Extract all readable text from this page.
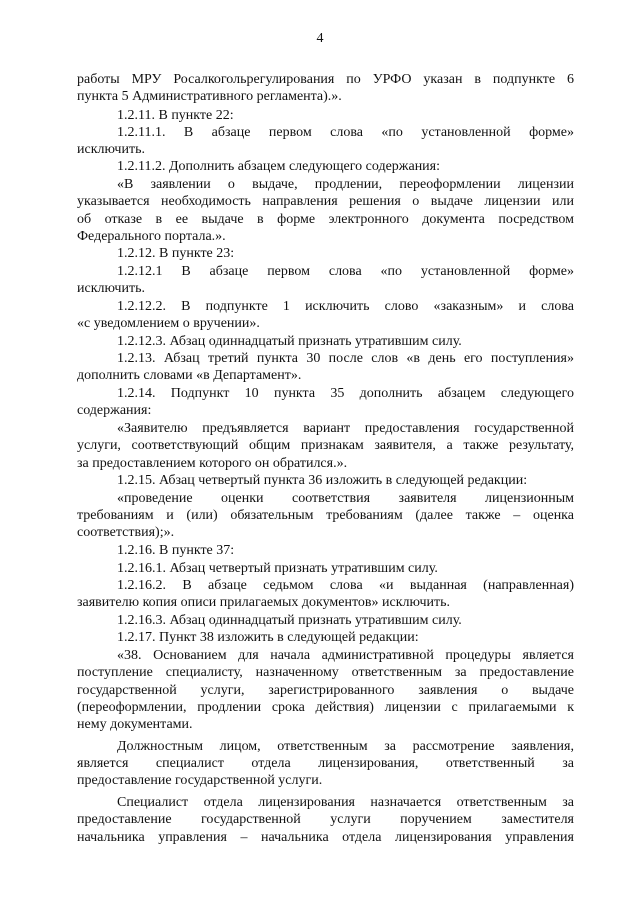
4
работы МРУ Росалкогольрегулирования по УРФО указан в подпункте 6
пункта 5 Административного регламента).».
1.2.11. В пункте 22:
1.2.11.1. В абзаце первом слова «по установленной форме»
исключить.
1.2.11.2. Дополнить абзацем следующего содержания:
«В заявлении о выдаче, продлении, переоформлении лицензии
указывается необходимость направления решения о выдаче лицензии или
об отказе в ее выдаче в форме электронного документа посредством
Федерального портала.».
1.2.12. В пункте 23:
1.2.12.1 В абзаце первом слова «по установленной форме»
исключить.
1.2.12.2. В подпункте 1 исключить слово «заказным» и слова
«с уведомлением о вручении».
1.2.12.3. Абзац одиннадцатый признать утратившим силу.
1.2.13. Абзац третий пункта 30 после слов «в день его поступления»
дополнить словами «в Департамент».
1.2.14. Подпункт 10 пункта 35 дополнить абзацем следующего
содержания:
«Заявителю предъявляется вариант предоставления государственной
услуги, соответствующий общим признакам заявителя, а также результату,
за предоставлением которого он обратился.».
1.2.15. Абзац четвертый пункта 36 изложить в следующей редакции:
«проведение оценки соответствия заявителя лицензионным
требованиям и (или) обязательным требованиям (далее также – оценка
соответствия);».
1.2.16. В пункте 37:
1.2.16.1. Абзац четвертый признать утратившим силу.
1.2.16.2. В абзаце седьмом слова «и выданная (направленная)
заявителю копия описи прилагаемых документов» исключить.
1.2.16.3. Абзац одиннадцатый признать утратившим силу.
1.2.17. Пункт 38 изложить в следующей редакции:
«38. Основанием для начала административной процедуры является
поступление специалисту, назначенному ответственным за предоставление
государственной услуги, зарегистрированного заявления о выдаче
(переоформлении, продлении срока действия) лицензии с прилагаемыми к
нему документами.
Должностным лицом, ответственным за рассмотрение заявления,
является специалист отдела лицензирования, ответственный за
предоставление государственной услуги.
Специалист отдела лицензирования назначается ответственным за
предоставление государственной услуги поручением заместителя
начальника управления – начальника отдела лицензирования управления
